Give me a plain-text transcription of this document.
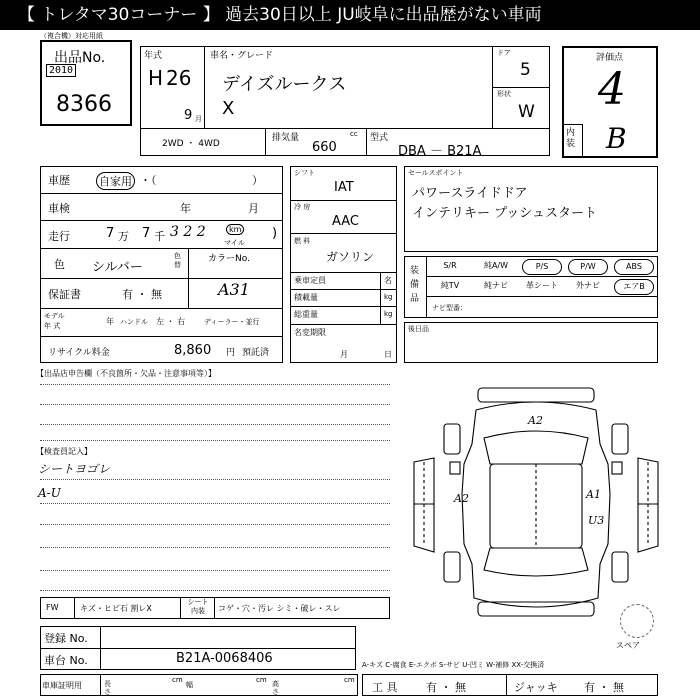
【 トレタマ30コーナー 】 過去30日以上 JU岐阜に出品歴がない車両
（複合機）対応用紙
出品No.
2010
8366
年式
H 26
9 月
車名・グレード
デイズルークス
X
ドア
5
形状
W
2WD ・ 4WD
排気量	cc
660
型式
DBA － B21A
評価点
4
内 装 B
車歴	自家用 ・（	）
車検	年	月
走行	7 万 7 千 3 2 2	km
マイル
)
色 シルバー
色替
カラーNo.
保証書	有 ・ 無	A31
モデル
年 式	年 ハンドル 左 ・ 右	ディーラー・並行
リサイクル料金	8,860 円 預託済
シフト
IAT
冷 房
AAC
燃 料
ガソリン
乗車定員	名
積載量	kg
総重量	kg
名変期限
月	日
セールスポイント
パワースライドドア
インテリキー プッシュスタート
装 備 品
S/R	純A/W	P/S	P/W	ABS
純TV	純ナビ	革シート	外ナビ	エアB
ナビ型番：
後日品
【出品店申告欄（不良箇所・欠品・注意事項等）】
【検査員記入】
シートヨゴレ
A-U
A2
A2	A1
U3
スペア
FW	キズ・ヒビ石 割レX
シート 内装	コゲ・穴・汚レ シミ・破レ・スレ
登録 No.
車台 No.	B21A-0068406	A-キズ C-腐食 E-エクボ S-サビ U-凹ミ W-補修 XX-交換済
車庫証明用	長さ
cm
幅
cm 高さ
cm
工 具	有 ・ 無	ジャッキ 有 ・ 無
